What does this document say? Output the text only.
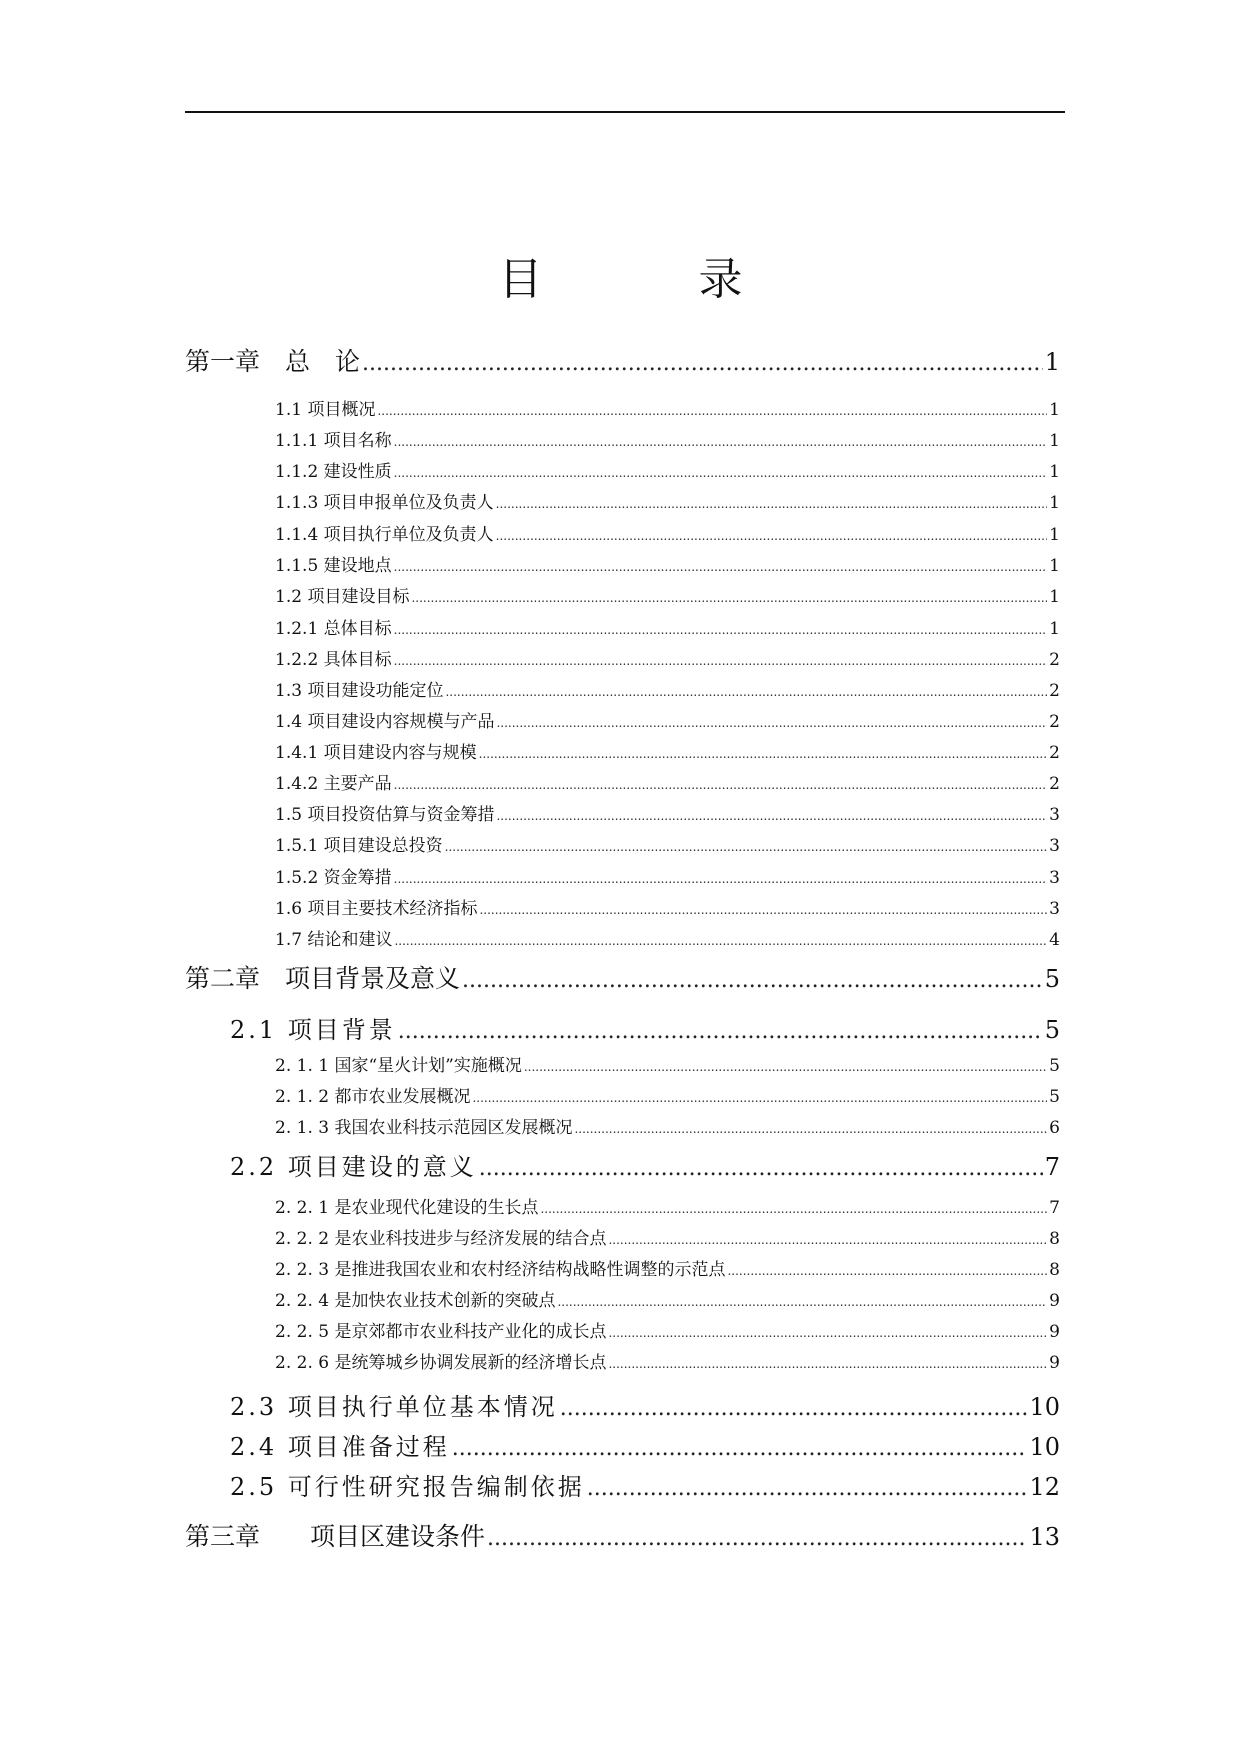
目　录
第一章　总　论 .....	1
1.1 项目概况 .....	1
1.1.1 项目名称 .....	1
1.1.2 建设性质 .....	1
1.1.3 项目申报单位及负责人 .....	1
1.1.4 项目执行单位及负责人 .....	1
1.1.5 建设地点 .....	1
1.2 项目建设目标 .....	1
1.2.1 总体目标 .....	1
1.2.2 具体目标 .....	2
1.3 项目建设功能定位 .....	2
1.4 项目建设内容规模与产品 .....	2
1.4.1 项目建设内容与规模 .....	2
1.4.2 主要产品 .....	2
1.5 项目投资估算与资金筹措 .....	3
1.5.1 项目建设总投资 .....	3
1.5.2 资金筹措 .....	3
1.6 项目主要技术经济指标 .....	3
1.7 结论和建议 .....	4
第二章　项目背景及意义 .....	5
2.1 项目背景 .....	5
2. 1. 1 国家“星火计划”实施概况 .....	5
2. 1. 2 都市农业发展概况 .....	5
2. 1. 3 我国农业科技示范园区发展概况 .....	6
2.2 项目建设的意义 .....	7
2. 2. 1 是农业现代化建设的生长点 .....	7
2. 2. 2 是农业科技进步与经济发展的结合点 .....	8
2. 2. 3 是推进我国农业和农村经济结构战略性调整的示范点 .....	8
2. 2. 4 是加快农业技术创新的突破点 .....	9
2. 2. 5 是京郊都市农业科技产业化的成长点 .....	9
2. 2. 6 是统筹城乡协调发展新的经济增长点 .....	9
2.3 项目执行单位基本情况 .....	10
2.4 项目准备过程 .....	10
2.5 可行性研究报告编制依据 .....	12
第三章　　项目区建设条件 .....	13
